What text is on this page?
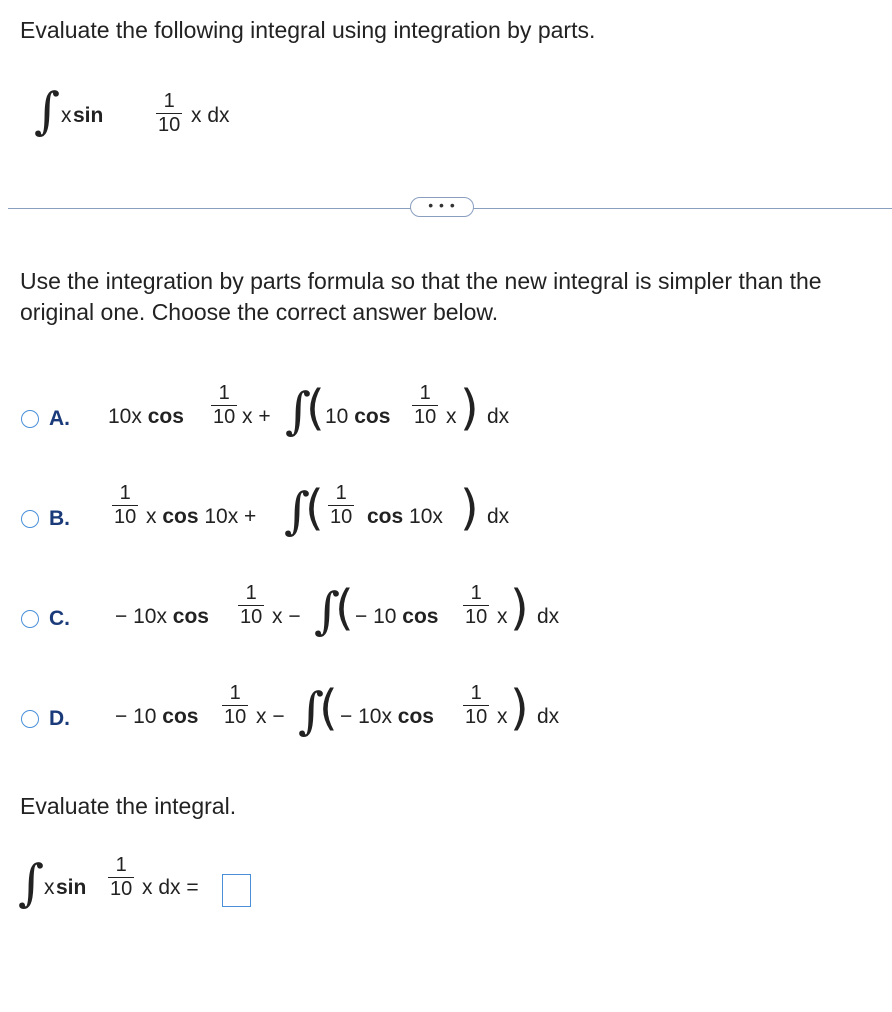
Evaluate the following integral using integration by parts.
∫ x sin
1
10 x dx
• • •
Use the integration by parts formula so that the new integral is simpler than the original one. Choose the correct answer below.
A. 10x cos
1
10 x + ∫
( 10 cos
1
10 x ) dx
B.
1
10 x cos 10x + ∫
( 1
10 cos 10x ) dx
C. − 10x cos
1
10 x − ∫
( − 10 cos
1
10 x ) dx
D. − 10 cos
1
10 x − ∫
( − 10x cos
1
10 x ) dx
Evaluate the integral.
∫ x sin
1
10 x dx =
